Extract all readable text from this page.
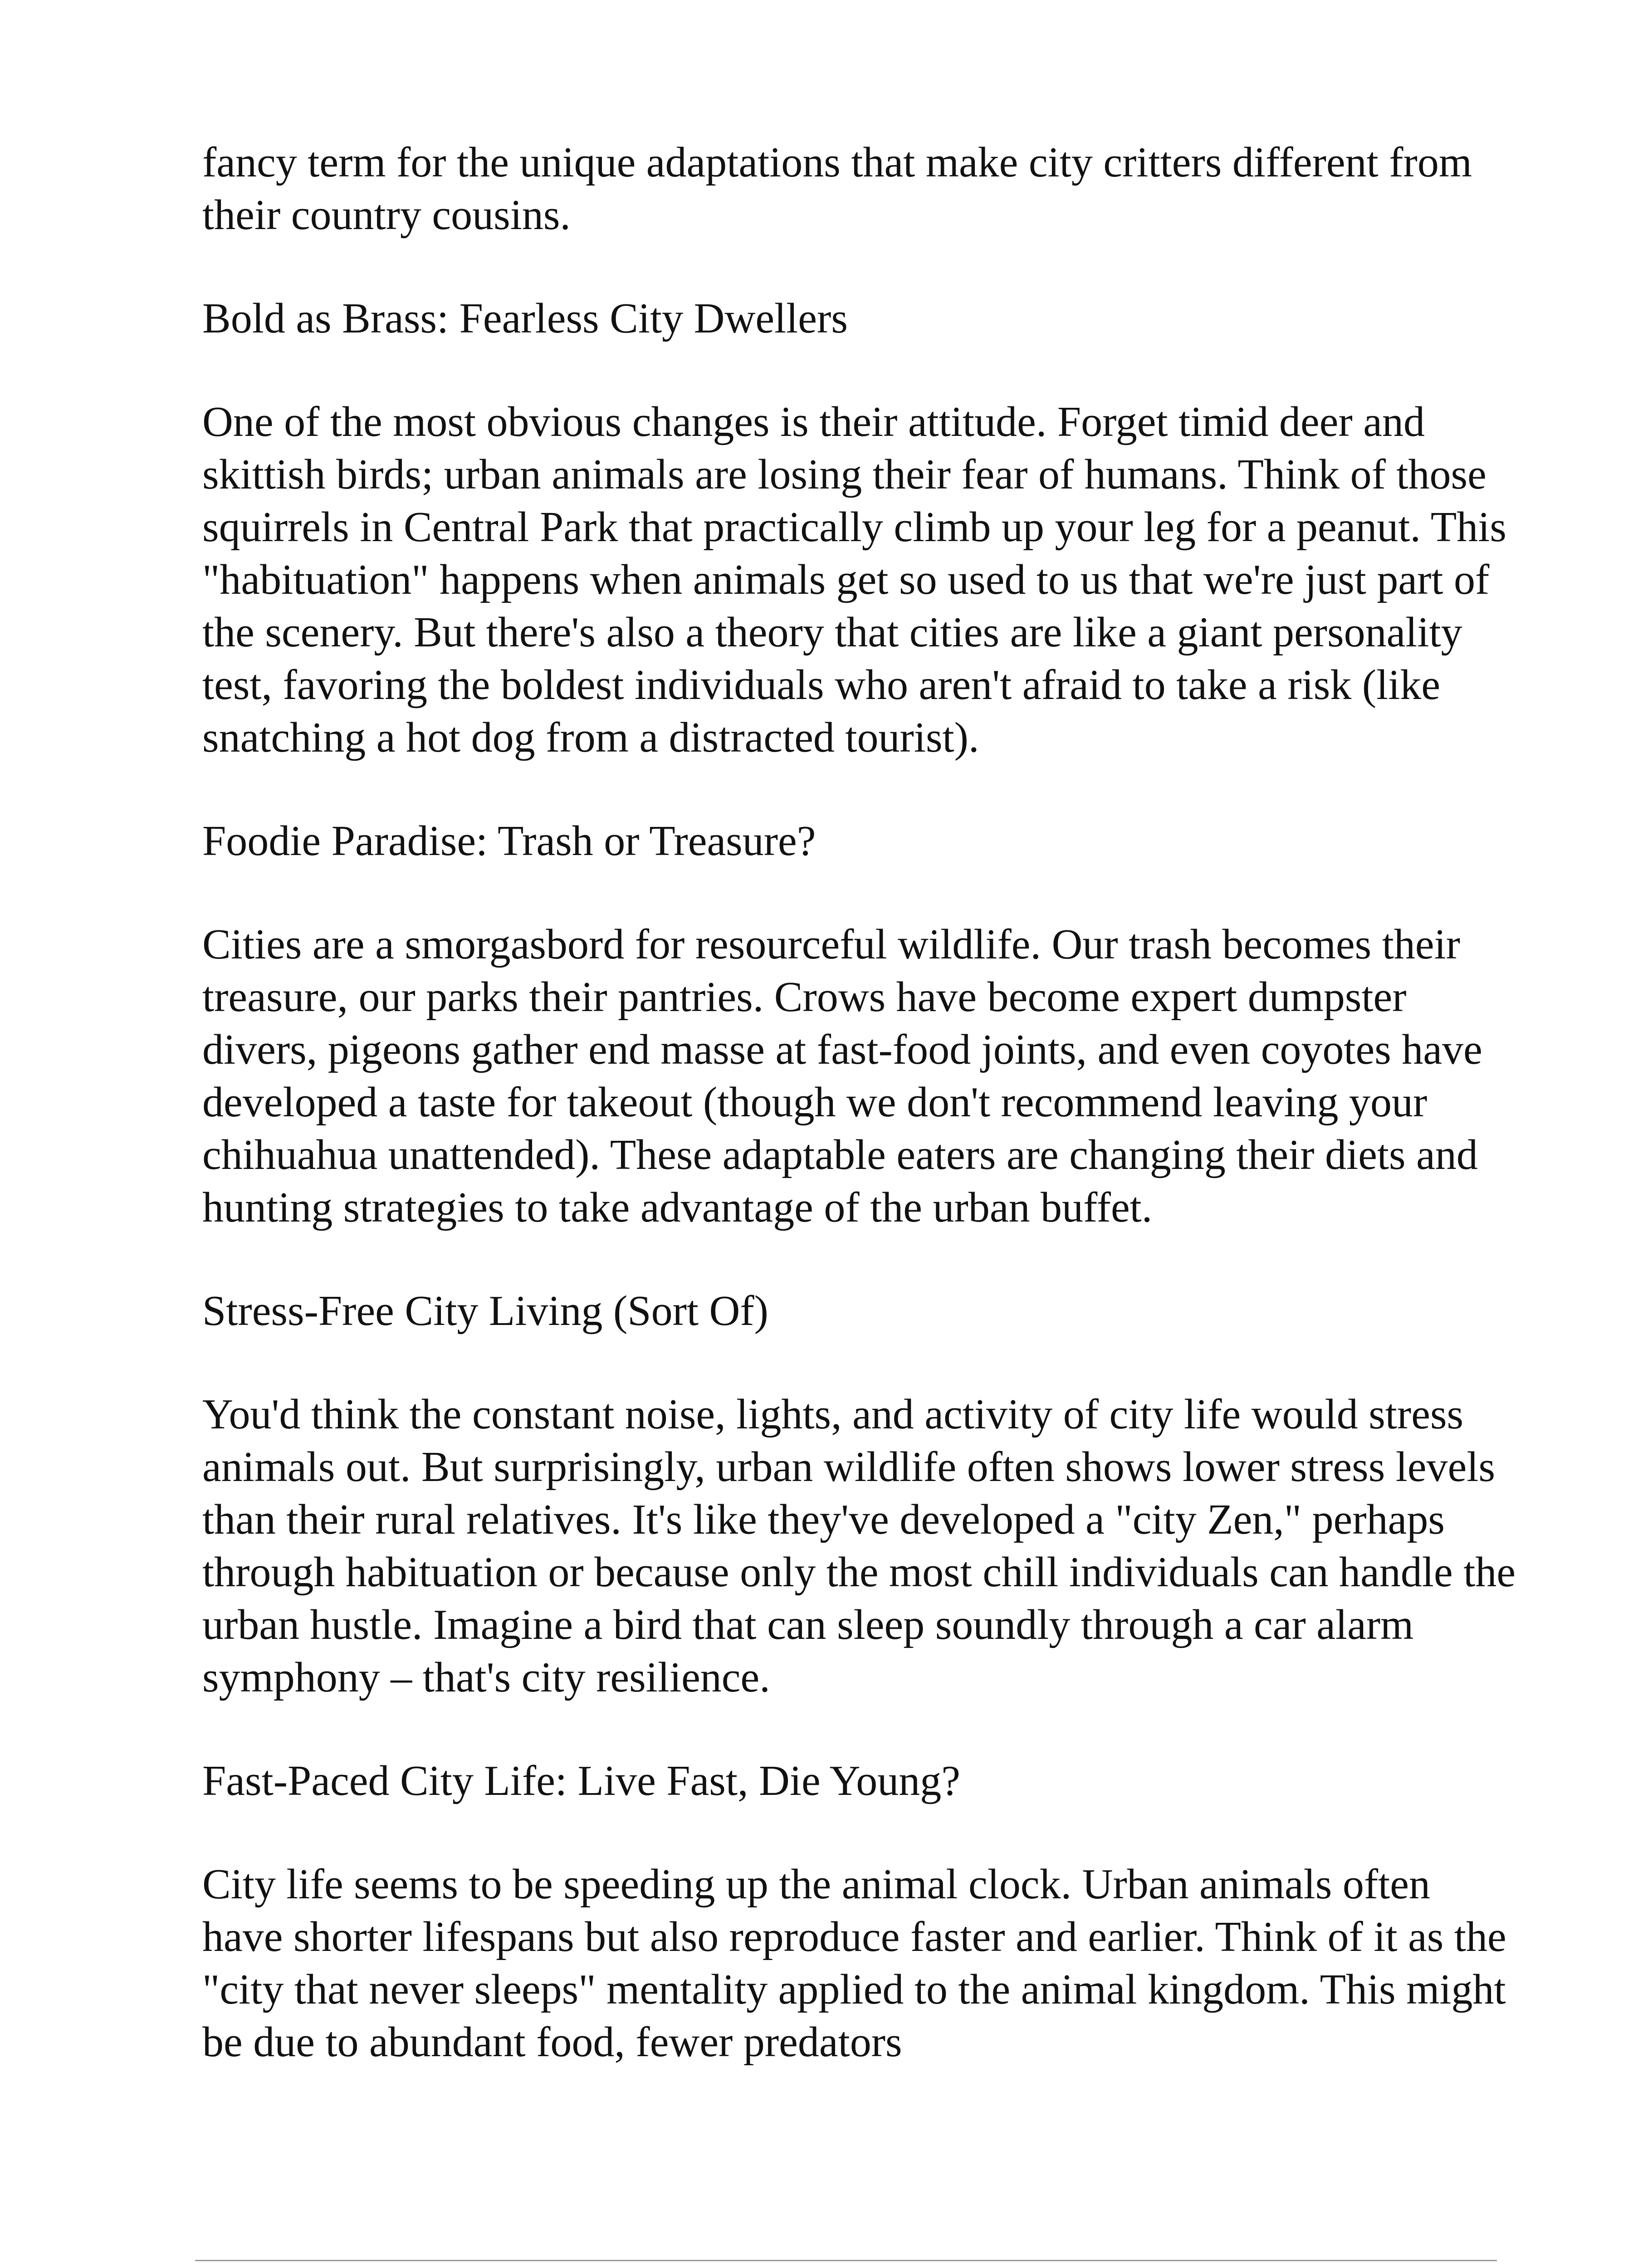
fancy term for the unique adaptations that make city critters different from their country cousins.

Bold as Brass: Fearless City Dwellers

One of the most obvious changes is their attitude. Forget timid deer and skittish birds; urban animals are losing their fear of humans. Think of those squirrels in Central Park that practically climb up your leg for a peanut. This "habituation" happens when animals get so used to us that we're just part of the scenery. But there's also a theory that cities are like a giant personality test, favoring the boldest individuals who aren't afraid to take a risk (like snatching a hot dog from a distracted tourist).

Foodie Paradise: Trash or Treasure?

Cities are a smorgasbord for resourceful wildlife. Our trash becomes their treasure, our parks their pantries. Crows have become expert dumpster divers, pigeons gather end masse at fast-food joints, and even coyotes have developed a taste for takeout (though we don't recommend leaving your chihuahua unattended). These adaptable eaters are changing their diets and hunting strategies to take advantage of the urban buffet.

Stress-Free City Living (Sort Of)

You'd think the constant noise, lights, and activity of city life would stress animals out. But surprisingly, urban wildlife often shows lower stress levels than their rural relatives. It's like they've developed a "city Zen," perhaps through habituation or because only the most chill individuals can handle the urban hustle. Imagine a bird that can sleep soundly through a car alarm symphony – that's city resilience.

Fast-Paced City Life: Live Fast, Die Young?

City life seems to be speeding up the animal clock. Urban animals often have shorter lifespans but also reproduce faster and earlier. Think of it as the "city that never sleeps" mentality applied to the animal kingdom. This might be due to abundant food, fewer predators
